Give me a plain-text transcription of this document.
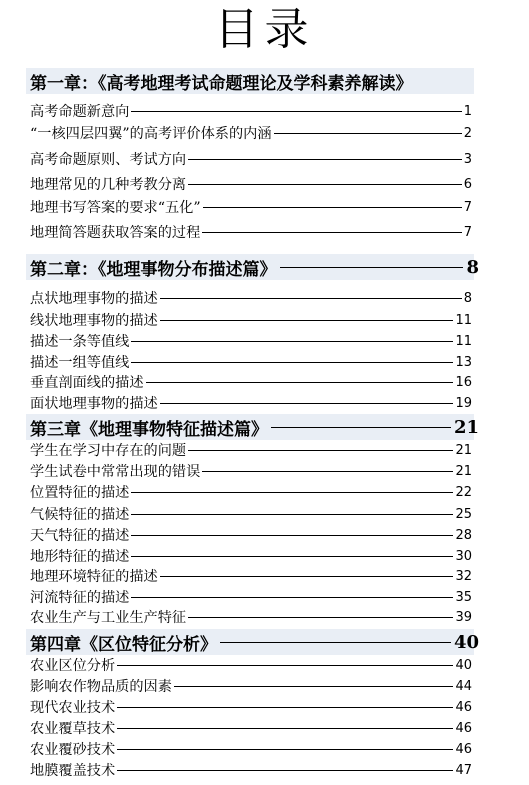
目录
第一章：《高考地理考试命题理论及学科素养解读》
高考命题新意向	1
“一核四层四翼”的高考评价体系的内涵	2
高考命题原则、考试方向	3
地理常见的几种考教分离	6
地理书写答案的要求“五化”	7
地理简答题获取答案的过程	7
第二章：《地理事物分布描述篇》	8
点状地理事物的描述	8
线状地理事物的描述	11
描述一条等值线	11
描述一组等值线	13
垂直剖面线的描述	16
面状地理事物的描述	19
第三章《地理事物特征描述篇》	21
学生在学习中存在的问题	21
学生试卷中常常出现的错误	21
位置特征的描述	22
气候特征的描述	25
天气特征的描述	28
地形特征的描述	30
地理环境特征的描述	32
河流特征的描述	35
农业生产与工业生产特征	39
第四章《区位特征分析》	40
农业区位分析	40
影响农作物品质的因素	44
现代农业技术	46
农业覆草技术	46
农业覆砂技术	46
地膜覆盖技术	47
